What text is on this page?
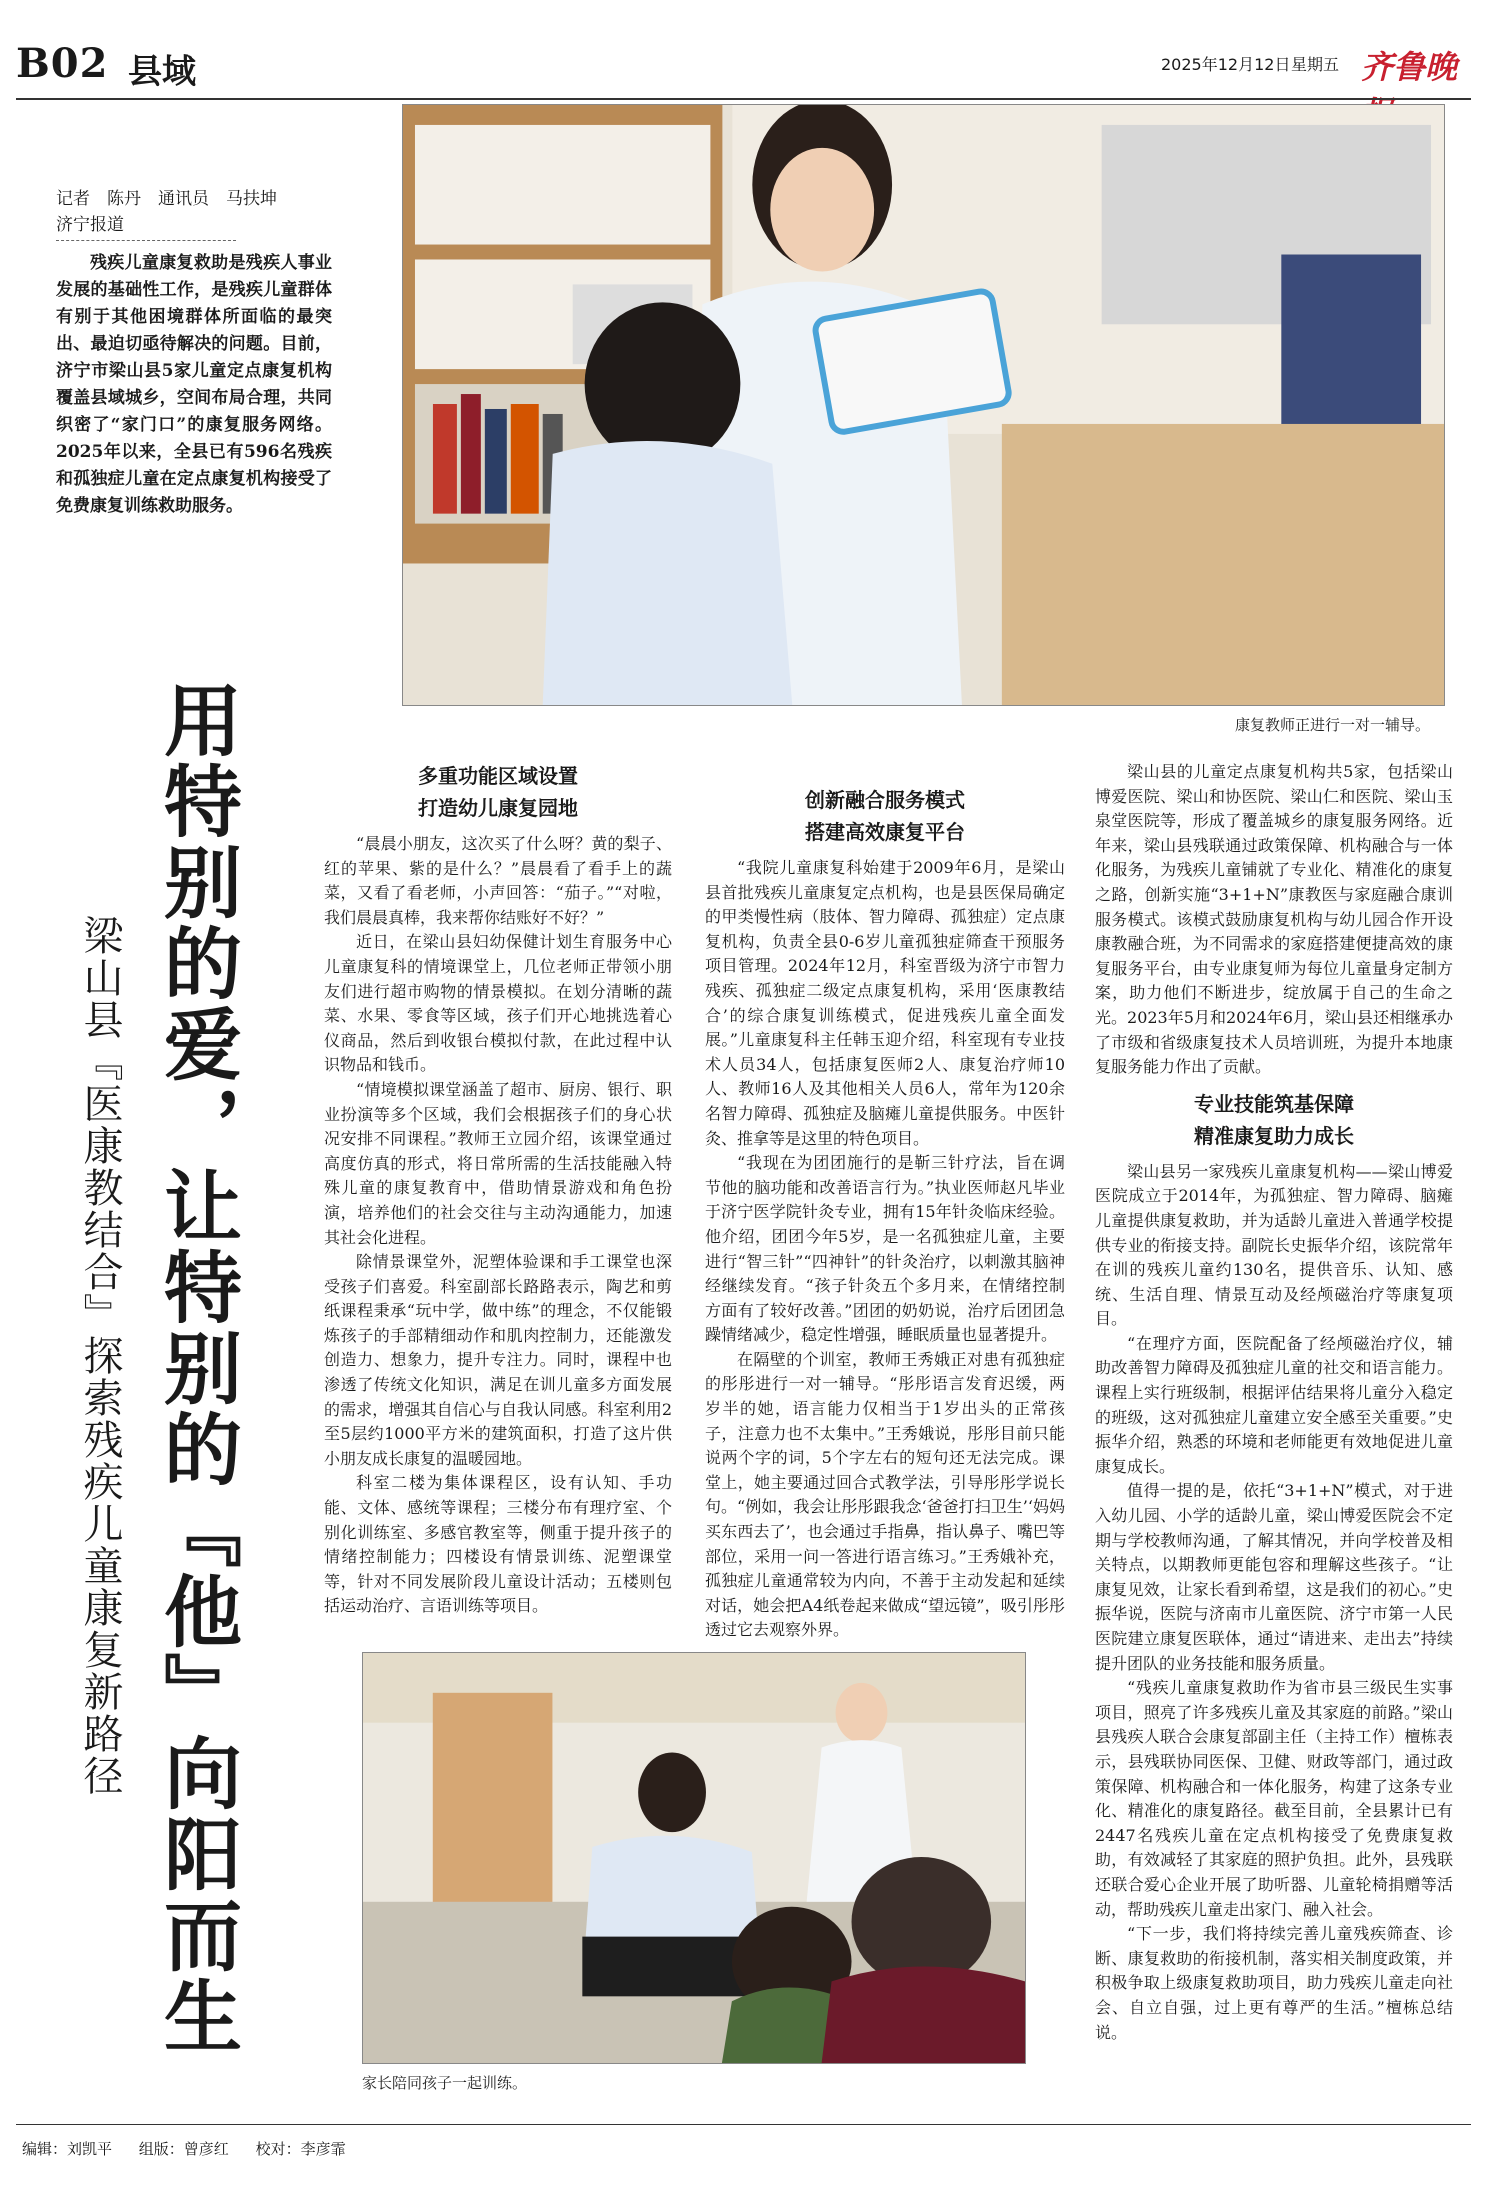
B02 县域	2025年12月12日 星期五 齐鲁晚
康复教师正进行一对一辅导。
记者　陈丹　通讯员　马扶坤
济宁报道
残疾儿童康复救助是残疾人事业发展的基础性工作，是残疾儿童群体有别于其他困境群体所面临的最突出、最迫切亟待解决的问题。目前，济宁市梁山县5家儿童定点康复机构覆盖县域城乡，空间布局合理，共同织密了“家门口”的康复服务网络。2025年以来，全县已有596名残疾和孤独症儿童在定点康复机构接受了免费康复训练救助服务。
用特别的爱，让特别的『他』向阳而生
梁山县『医康教结合』探索残疾儿童康复新路径
多重功能区域设置
打造幼儿康复园地

“晨晨小朋友，这次买了什么呀？黄的梨子、红的苹果、紫的是什么？”晨晨看了看手上的蔬菜，又看了看老师，小声回答：“茄子。”“对啦，我们晨晨真棒，我来帮你结账好不好？”

近日，在梁山县妇幼保健计划生育服务中心儿童康复科的情境课堂上，几位老师正带领小朋友们进行超市购物的情景模拟。在划分清晰的蔬菜、水果、零食等区域，孩子们开心地挑选着心仪商品，然后到收银台模拟付款，在此过程中认识物品和钱币。

“情境模拟课堂涵盖了超市、厨房、银行、职业扮演等多个区域，我们会根据孩子们的身心状况安排不同课程。”教师王立园介绍，该课堂通过高度仿真的形式，将日常所需的生活技能融入特殊儿童的康复教育中，借助情景游戏和角色扮演，培养他们的社会交往与主动沟通能力，加速其社会化进程。

除情景课堂外，泥塑体验课和手工课堂也深受孩子们喜爱。科室副部长路路表示，陶艺和剪纸课程秉承“玩中学，做中练”的理念，不仅能锻炼孩子的手部精细动作和肌肉控制力，还能激发创造力、想象力，提升专注力。同时，课程中也渗透了传统文化知识，满足在训儿童多方面发展的需求，增强其自信心与自我认同感。科室利用2至5层约1000平方米的建筑面积，打造了这片供小朋友成长康复的温暖园地。

科室二楼为集体课程区，设有认知、手功能、文体、感统等课程；三楼分布有理疗室、个别化训练室、多感官教室等，侧重于提升孩子的情绪控制能力；四楼设有情景训练、泥塑课堂等，针对不同发展阶段儿童设计活动；五楼则包括运动治疗、言语训练等项目。

创新融合服务模式
搭建高效康复平台

“我院儿童康复科始建于2009年6月，是梁山县首批残疾儿童康复定点机构，也是县医保局确定的甲类慢性病（肢体、智力障碍、孤独症）定点康复机构，负责全县0-6岁儿童孤独症筛查干预服务项目管理。2024年12月，科室晋级为济宁市智力残疾、孤独症二级定点康复机构，采用‘医康教结合’的综合康复训练模式，促进残疾儿童全面发展。”儿童康复科主任韩玉迎介绍，科室现有专业技术人员34人，包括康复医师2人、康复治疗师10人、教师16人及其他相关人员6人，常年为120余名智力障碍、孤独症及脑瘫儿童提供服务。中医针灸、推拿等是这里的特色项目。

“我现在为团团施行的是靳三针疗法，旨在调节他的脑功能和改善语言行为。”执业医师赵凡毕业于济宁医学院针灸专业，拥有15年针灸临床经验。他介绍，团团今年5岁，是一名孤独症儿童，主要进行“智三针”“四神针”的针灸治疗，以刺激其脑神经继续发育。“孩子针灸五个多月来，在情绪控制方面有了较好改善。”团团的奶奶说，治疗后团团急躁情绪减少，稳定性增强，睡眠质量也显著提升。

在隔壁的个训室，教师王秀娥正对患有孤独症的彤彤进行一对一辅导。“彤彤语言发育迟缓，两岁半的她，语言能力仅相当于1岁出头的正常孩子，注意力也不太集中。”王秀娥说，彤彤目前只能说两个字的词，5个字左右的短句还无法完成。课堂上，她主要通过回合式教学法，引导彤彤学说长句。“例如，我会让彤彤跟我念‘爸爸打扫卫生’‘妈妈买东西去了’，也会通过手指鼻，指认鼻子、嘴巴等部位，采用一问一答进行语言练习。”王秀娥补充，孤独症儿童通常较为内向，不善于主动发起和延续对话，她会把A4纸卷起来做成“望远镜”，吸引彤彤透过它去观察外界。

梁山县的儿童定点康复机构共5家，包括梁山博爱医院、梁山和协医院、梁山仁和医院、梁山玉泉堂医院等，形成了覆盖城乡的康复服务网络。近年来，梁山县残联通过政策保障、机构融合与一体化服务，为残疾儿童铺就了专业化、精准化的康复之路，创新实施“3+1+N”康教医与家庭融合康训服务模式。该模式鼓励康复机构与幼儿园合作开设康教融合班，为不同需求的家庭搭建便捷高效的康复服务平台，由专业康复师为每位儿童量身定制方案，助力他们不断进步，绽放属于自己的生命之光。2023年5月和2024年6月，梁山县还相继承办了市级和省级康复技术人员培训班，为提升本地康复服务能力作出了贡献。

专业技能筑基保障
精准康复助力成长

梁山县另一家残疾儿童康复机构——梁山博爱医院成立于2014年，为孤独症、智力障碍、脑瘫儿童提供康复救助，并为适龄儿童进入普通学校提供专业的衔接支持。副院长史振华介绍，该院常年在训的残疾儿童约130名，提供音乐、认知、感统、生活自理、情景互动及经颅磁治疗等康复项目。

“在理疗方面，医院配备了经颅磁治疗仪，辅助改善智力障碍及孤独症儿童的社交和语言能力。课程上实行班级制，根据评估结果将儿童分入稳定的班级，这对孤独症儿童建立安全感至关重要。”史振华介绍，熟悉的环境和老师能更有效地促进儿童康复成长。

值得一提的是，依托“3+1+N”模式，对于进入幼儿园、小学的适龄儿童，梁山博爱医院会不定期与学校教师沟通，了解其情况，并向学校普及相关特点，以期教师更能包容和理解这些孩子。“让康复见效，让家长看到希望，这是我们的初心。”史振华说，医院与济南市儿童医院、济宁市第一人民医院建立康复医联体，通过“请进来、走出去”持续提升团队的业务技能和服务质量。

“残疾儿童康复救助作为省市县三级民生实事项目，照亮了许多残疾儿童及其家庭的前路。”梁山县残疾人联合会康复部副主任（主持工作）檀栋表示，县残联协同医保、卫健、财政等部门，通过政策保障、机构融合和一体化服务，构建了这条专业化、精准化的康复路径。截至目前，全县累计已有2447名残疾儿童在定点机构接受了免费康复救助，有效减轻了其家庭的照护负担。此外，县残联还联合爱心企业开展了助听器、儿童轮椅捐赠等活动，帮助残疾儿童走出家门、融入社会。

“下一步，我们将持续完善儿童残疾筛查、诊断、康复救助的衔接机制，落实相关制度政策，并积极争取上级康复救助项目，助力残疾儿童走向社会、自立自强，过上更有尊严的生活。”檀栋总结说。

家长陪同孩子一起训练。
编辑：刘凯平 组版：曾彦红 校对：李彦霏
